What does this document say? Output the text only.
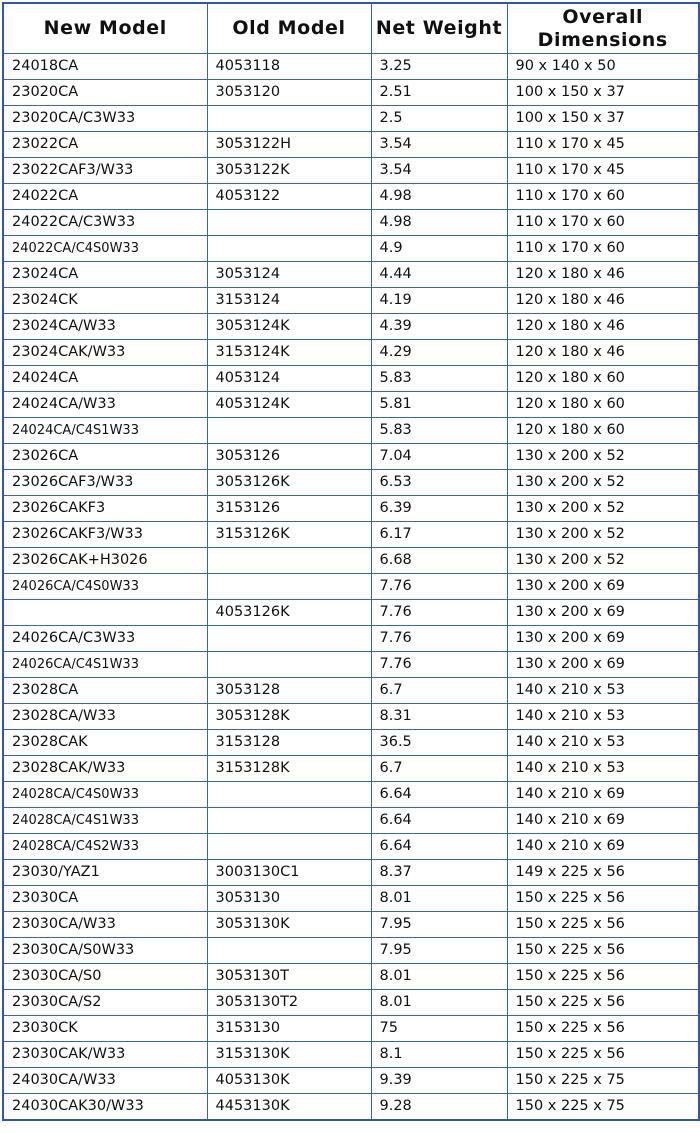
New Model	Old Model	Net Weight	Overall
Dimensions

24018CA	4053118	3.25	90 x 140 x 50
23020CA	3053120	2.51	100 x 150 x 37
23020CA/C3W33		2.5	100 x 150 x 37
23022CA	3053122H	3.54	110 x 170 x 45
23022CAF3/W33	3053122K	3.54	110 x 170 x 45
24022CA	4053122	4.98	110 x 170 x 60
24022CA/C3W33		4.98	110 x 170 x 60
24022CA/C4S0W33		4.9	110 x 170 x 60
23024CA	3053124	4.44	120 x 180 x 46
23024CK	3153124	4.19	120 x 180 x 46
23024CA/W33	3053124K	4.39	120 x 180 x 46
23024CAK/W33	3153124K	4.29	120 x 180 x 46
24024CA	4053124	5.83	120 x 180 x 60
24024CA/W33	4053124K	5.81	120 x 180 x 60
24024CA/C4S1W33		5.83	120 x 180 x 60
23026CA	3053126	7.04	130 x 200 x 52
23026CAF3/W33	3053126K	6.53	130 x 200 x 52
23026CAKF3	3153126	6.39	130 x 200 x 52
23026CAKF3/W33	3153126K	6.17	130 x 200 x 52
23026CAK+H3026		6.68	130 x 200 x 52
24026CA/C4S0W33		7.76	130 x 200 x 69
	4053126K	7.76	130 x 200 x 69
24026CA/C3W33		7.76	130 x 200 x 69
24026CA/C4S1W33		7.76	130 x 200 x 69
23028CA	3053128	6.7	140 x 210 x 53
23028CA/W33	3053128K	8.31	140 x 210 x 53
23028CAK	3153128	36.5	140 x 210 x 53
23028CAK/W33	3153128K	6.7	140 x 210 x 53
24028CA/C4S0W33		6.64	140 x 210 x 69
24028CA/C4S1W33		6.64	140 x 210 x 69
24028CA/C4S2W33		6.64	140 x 210 x 69
23030/YAZ1	3003130C1	8.37	149 x 225 x 56
23030CA	3053130	8.01	150 x 225 x 56
23030CA/W33	3053130K	7.95	150 x 225 x 56
23030CA/S0W33		7.95	150 x 225 x 56
23030CA/S0	3053130T	8.01	150 x 225 x 56
23030CA/S2	3053130T2	8.01	150 x 225 x 56
23030CK	3153130	75	150 x 225 x 56
23030CAK/W33	3153130K	8.1	150 x 225 x 56
24030CA/W33	4053130K	9.39	150 x 225 x 75
24030CAK30/W33	4453130K	9.28	150 x 225 x 75
